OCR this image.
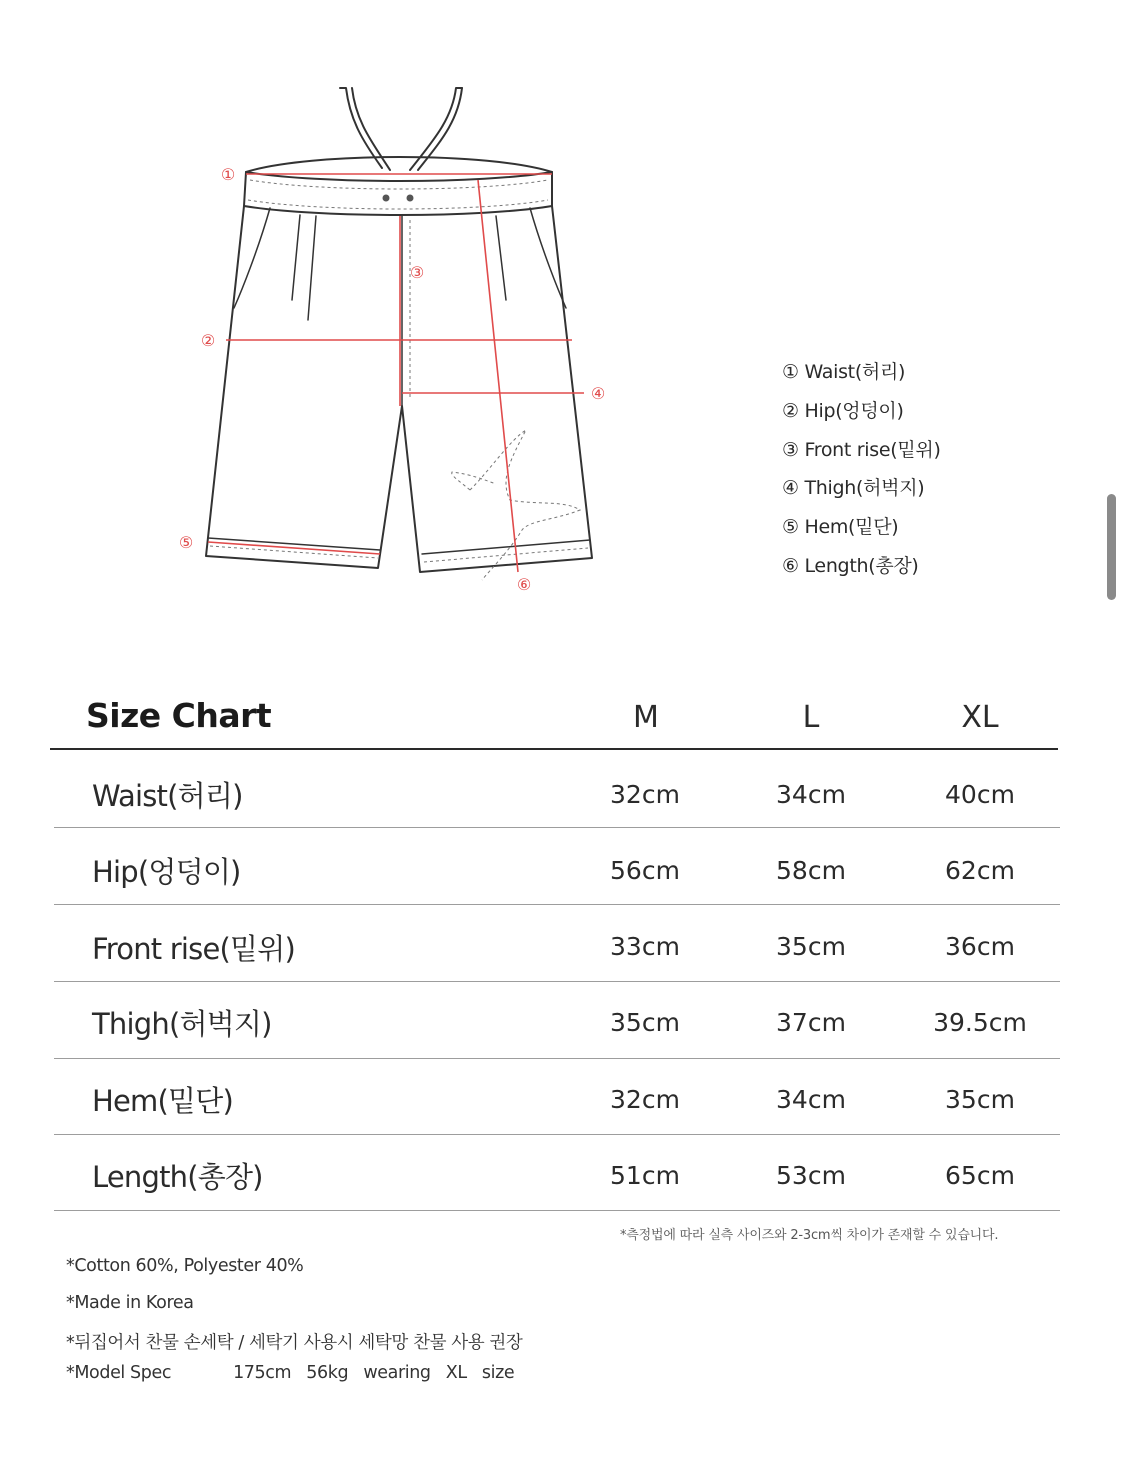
①
②
③
④
⑤
⑥
① Waist(허리)
② Hip(엉덩이)
③ Front rise(밑위)
④ Thigh(허벅지)
⑤ Hem(밑단)
⑥ Length(총장)
Size Chart	M	L	XL
Waist(허리)	32cm	34cm	40cm
Hip(엉덩이)	56cm	58cm	62cm
Front rise(밑위)	33cm	35cm	36cm
Thigh(허벅지)	35cm	37cm	39.5cm
Hem(밑단)	32cm	34cm	35cm
Length(총장)	51cm	53cm	65cm
*측정법에 따라 실측 사이즈와 2-3cm씩 차이가 존재할 수 있습니다.
*Cotton 60%, Polyester 40%
*Made in Korea
*뒤집어서 찬물 손세탁 / 세탁기 사용시 세탁망 찬물 사용 권장
*Model Spec	175cm 56kg wearing XL size
